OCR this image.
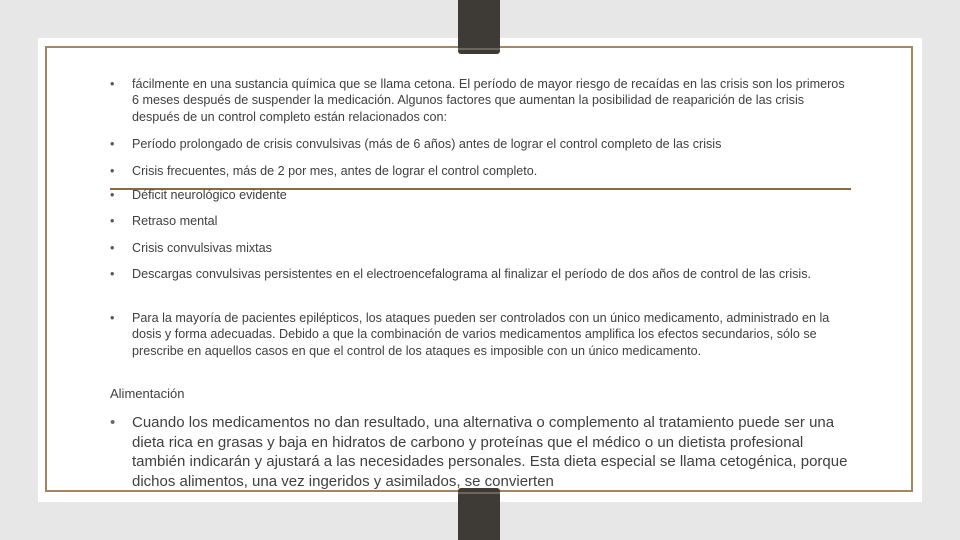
• fácilmente en una sustancia química que se llama cetona. El período de mayor riesgo de recaídas en las crisis son los primeros 6 meses después de suspender la medicación. Algunos factores que aumentan la posibilidad de reaparición de las crisis después de un control completo están relacionados con:
• Período prolongado de crisis convulsivas (más de 6 años) antes de lograr el control completo de las crisis
• Crisis frecuentes, más de 2 por mes, antes de lograr el control completo.
• Déficit neurológico evidente
• Retraso mental
• Crisis convulsivas mixtas
• Descargas convulsivas persistentes en el electroencefalograma al finalizar el período de dos años de control de las crisis.
• Para la mayoría de pacientes epilépticos, los ataques pueden ser controlados con un único medicamento, administrado en la dosis y forma adecuadas. Debido a que la combinación de varios medicamentos amplifica los efectos secundarios, sólo se prescribe en aquellos casos en que el control de los ataques es imposible con un único medicamento.
Alimentación
• Cuando los medicamentos no dan resultado, una alternativa o complemento al tratamiento puede ser una dieta rica en grasas y baja en hidratos de carbono y proteínas que el médico o un dietista profesional también indicarán y ajustará a las necesidades personales. Esta dieta especial se llama cetogénica, porque dichos alimentos, una vez ingeridos y asimilados, se convierten
